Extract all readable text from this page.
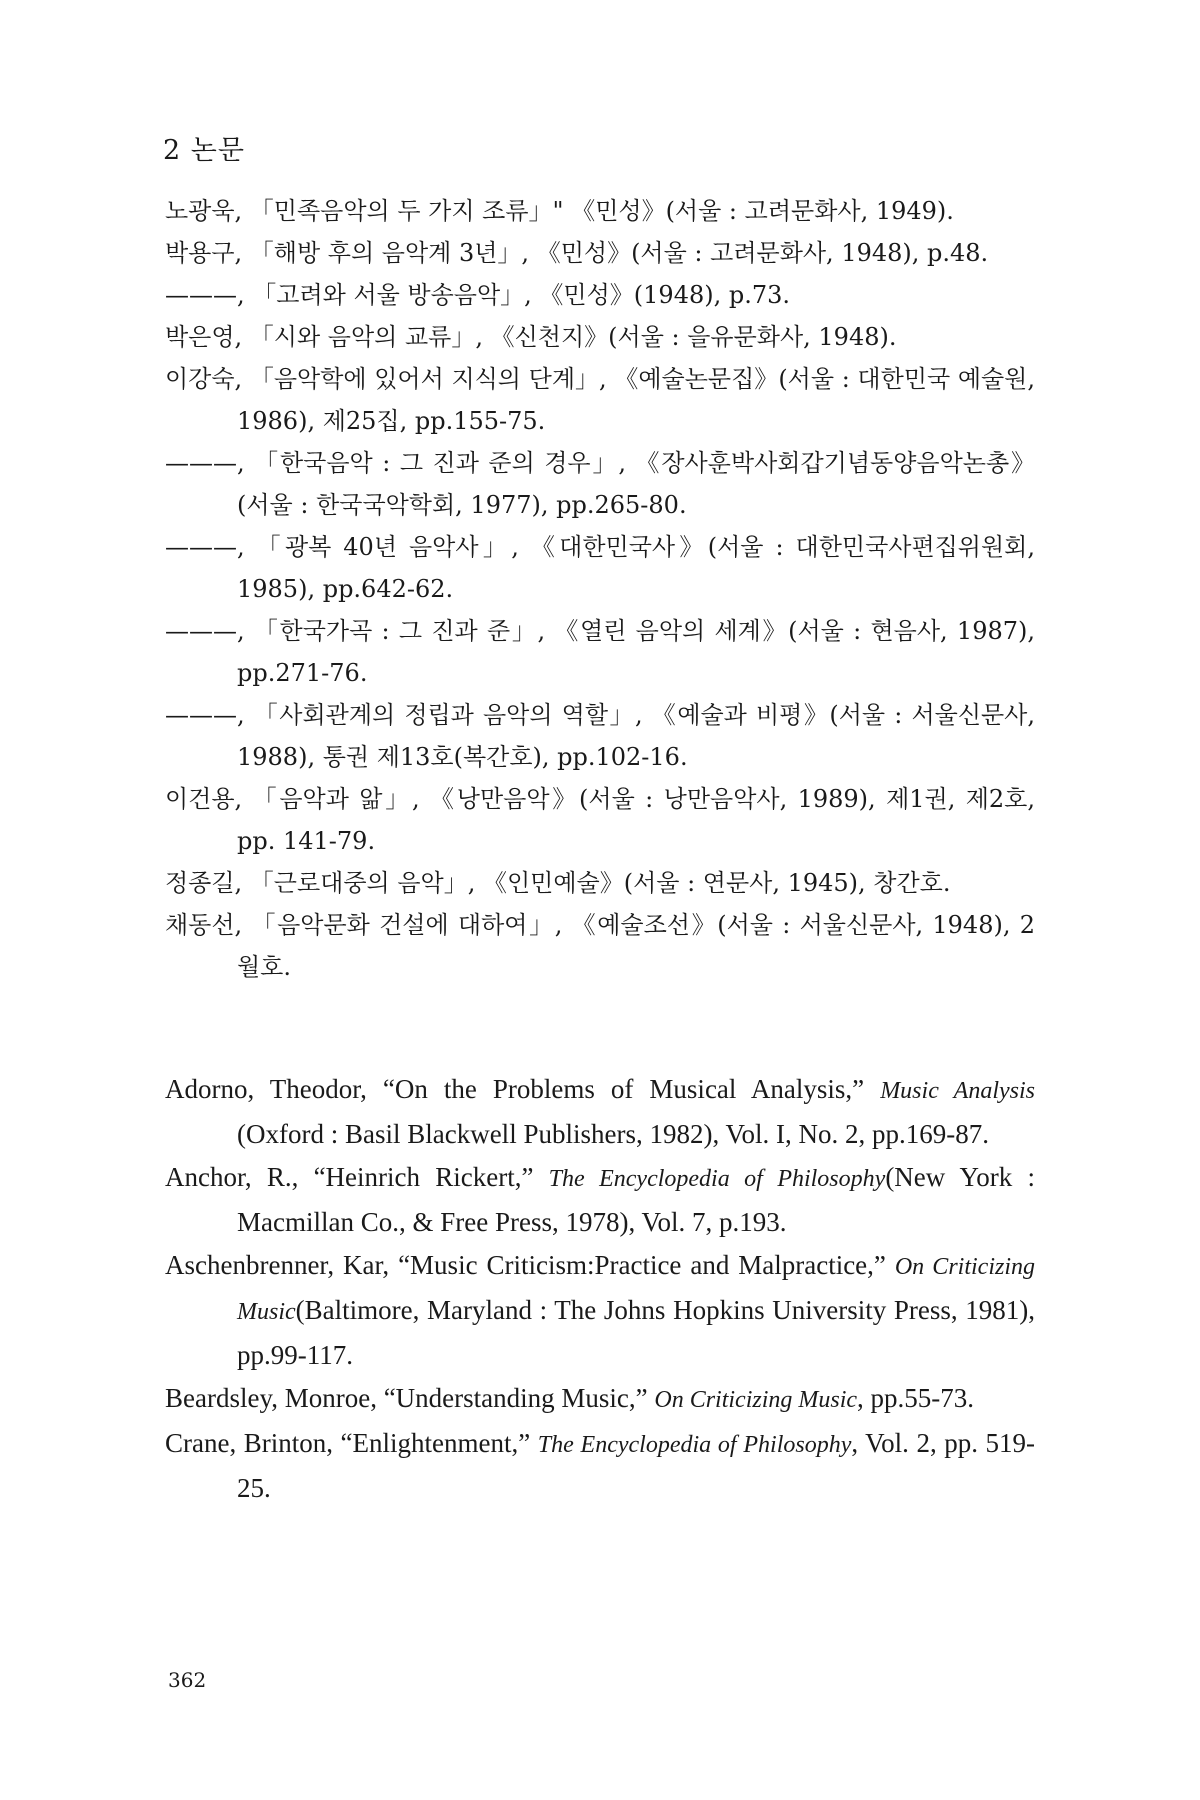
2 논문
노광욱, 「민족음악의 두 가지 조류」" 《민성》(서울 : 고려문화사, 1949).
박용구, 「해방 후의 음악계 3년」, 《민성》(서울 : 고려문화사, 1948), p.48.
———, 「고려와 서울 방송음악」, 《민성》(1948), p.73.
박은영, 「시와 음악의 교류」, 《신천지》(서울 : 을유문화사, 1948).
이강숙, 「음악학에 있어서 지식의 단계」, 《예술논문집》(서울 : 대한민국 예술원, 1986), 제25집, pp.155-75.
———, 「한국음악 : 그 진과 준의 경우」, 《장사훈박사회갑기념동양음악논총》(서울 : 한국국악학회, 1977), pp.265-80.
———, 「광복 40년 음악사」, 《대한민국사》(서울 : 대한민국사편집위원회, 1985), pp.642-62.
———, 「한국가곡 : 그 진과 준」, 《열린 음악의 세계》(서울 : 현음사, 1987), pp.271-76.
———, 「사회관계의 정립과 음악의 역할」, 《예술과 비평》(서울 : 서울신문사, 1988), 통권 제13호(복간호), pp.102-16.
이건용, 「음악과 앎」, 《낭만음악》(서울 : 낭만음악사, 1989), 제1권, 제2호, pp. 141-79.
정종길, 「근로대중의 음악」, 《인민예술》(서울 : 연문사, 1945), 창간호.
채동선, 「음악문화 건설에 대하여」, 《예술조선》(서울 : 서울신문사, 1948), 2월호.
Adorno, Theodor, “On the Problems of Musical Analysis,” Music Analysis (Oxford : Basil Blackwell Publishers, 1982), Vol. I, No. 2, pp.169-87.
Anchor, R., “Heinrich Rickert,” The Encyclopedia of Philosophy(New York : Macmillan Co., & Free Press, 1978), Vol. 7, p.193.
Aschenbrenner, Kar, “Music Criticism:Practice and Malpractice,” On Criticizing Music(Baltimore, Maryland : The Johns Hopkins University Press, 1981), pp.99-117.
Beardsley, Monroe, “Understanding Music,” On Criticizing Music, pp.55-73.
Crane, Brinton, “Enlightenment,” The Encyclopedia of Philosophy, Vol. 2, pp. 519-25.
362
